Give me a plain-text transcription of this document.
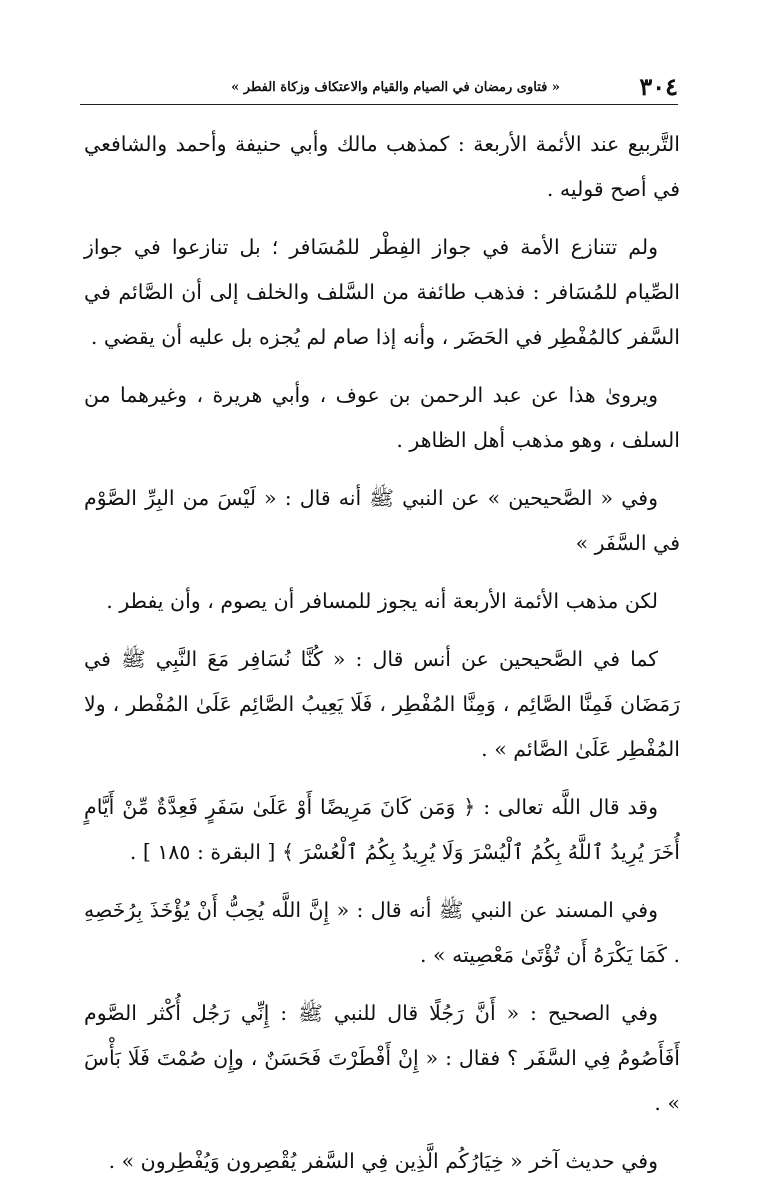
٣٠٤
« فتاوى رمضان في الصيام والقيام والاعتكاف وزكاة الفطر »

التَّربيع عند الأئمة الأربعة : كمذهب مالك وأبي حنيفة وأحمد والشافعي في أصح قوليه .

ولم تتنازع الأمة في جواز الفِطْر للمُسَافر ؛ بل تنازعوا في جواز الصِّيام للمُسَافر : فذهب طائفة من السَّلف والخلف إلى أن الصَّائم في السَّفر كالمُفْطِر في الحَضَر ، وأنه إذا صام لم يُجزه بل عليه أن يقضي .

ويروىٰ هذا عن عبد الرحمن بن عوف ، وأبي هريرة ، وغيرهما من السلف ، وهو مذهب أهل الظاهر .

وفي « الصَّحيحين » عن النبي ﷺ أنه قال : « لَيْسَ من البِرِّ الصَّوْم في السَّفَر »

لكن مذهب الأئمة الأربعة أنه يجوز للمسافر أن يصوم ، وأن يفطر .

كما في الصَّحيحين عن أنس قال : « كُنَّا نُسَافِر مَعَ النَّبِي ﷺ في رَمَضَان فَمِنَّا الصَّائِم ، وَمِنَّا المُفْطِر ، فَلَا يَعِيبُ الصَّائِم عَلَىٰ المُفْطر ، ولا المُفْطِر عَلَىٰ الصَّائم » .

وقد قال اللَّه تعالى : ﴿ وَمَن كَانَ مَرِيضًا أَوْ عَلَىٰ سَفَرٍ فَعِدَّةٌ مِّنْ أَيَّامٍ أُخَرَ يُرِيدُ ٱللَّهُ بِكُمُ ٱلْيُسْرَ وَلَا يُرِيدُ بِكُمُ ٱلْعُسْرَ ﴾ [ البقرة : ١٨٥ ] .

وفي المسند عن النبي ﷺ أنه قال : « إِنَّ اللَّه يُحِبُّ أَنْ يُؤْخَذَ بِرُخَصِهِ . كَمَا يَكْرَهُ أَن تُؤْتَىٰ مَعْصِيته » .

وفي الصحيح : « أَنَّ رَجُلًا قال للنبي ﷺ : إِنِّي رَجُل أُكْثر الصَّوم أَفَأَصُومُ فِي السَّفَر ؟ فقال : « إِنْ أَفْطَرْتَ فَحَسَنٌ ، وإِن صُمْتَ فَلَا بَأْسَ » .

وفي حديث آخر « خِيَارُكُم الَّذِين فِي السَّفر يُقْصِرون وَيُفْطِرون » .
